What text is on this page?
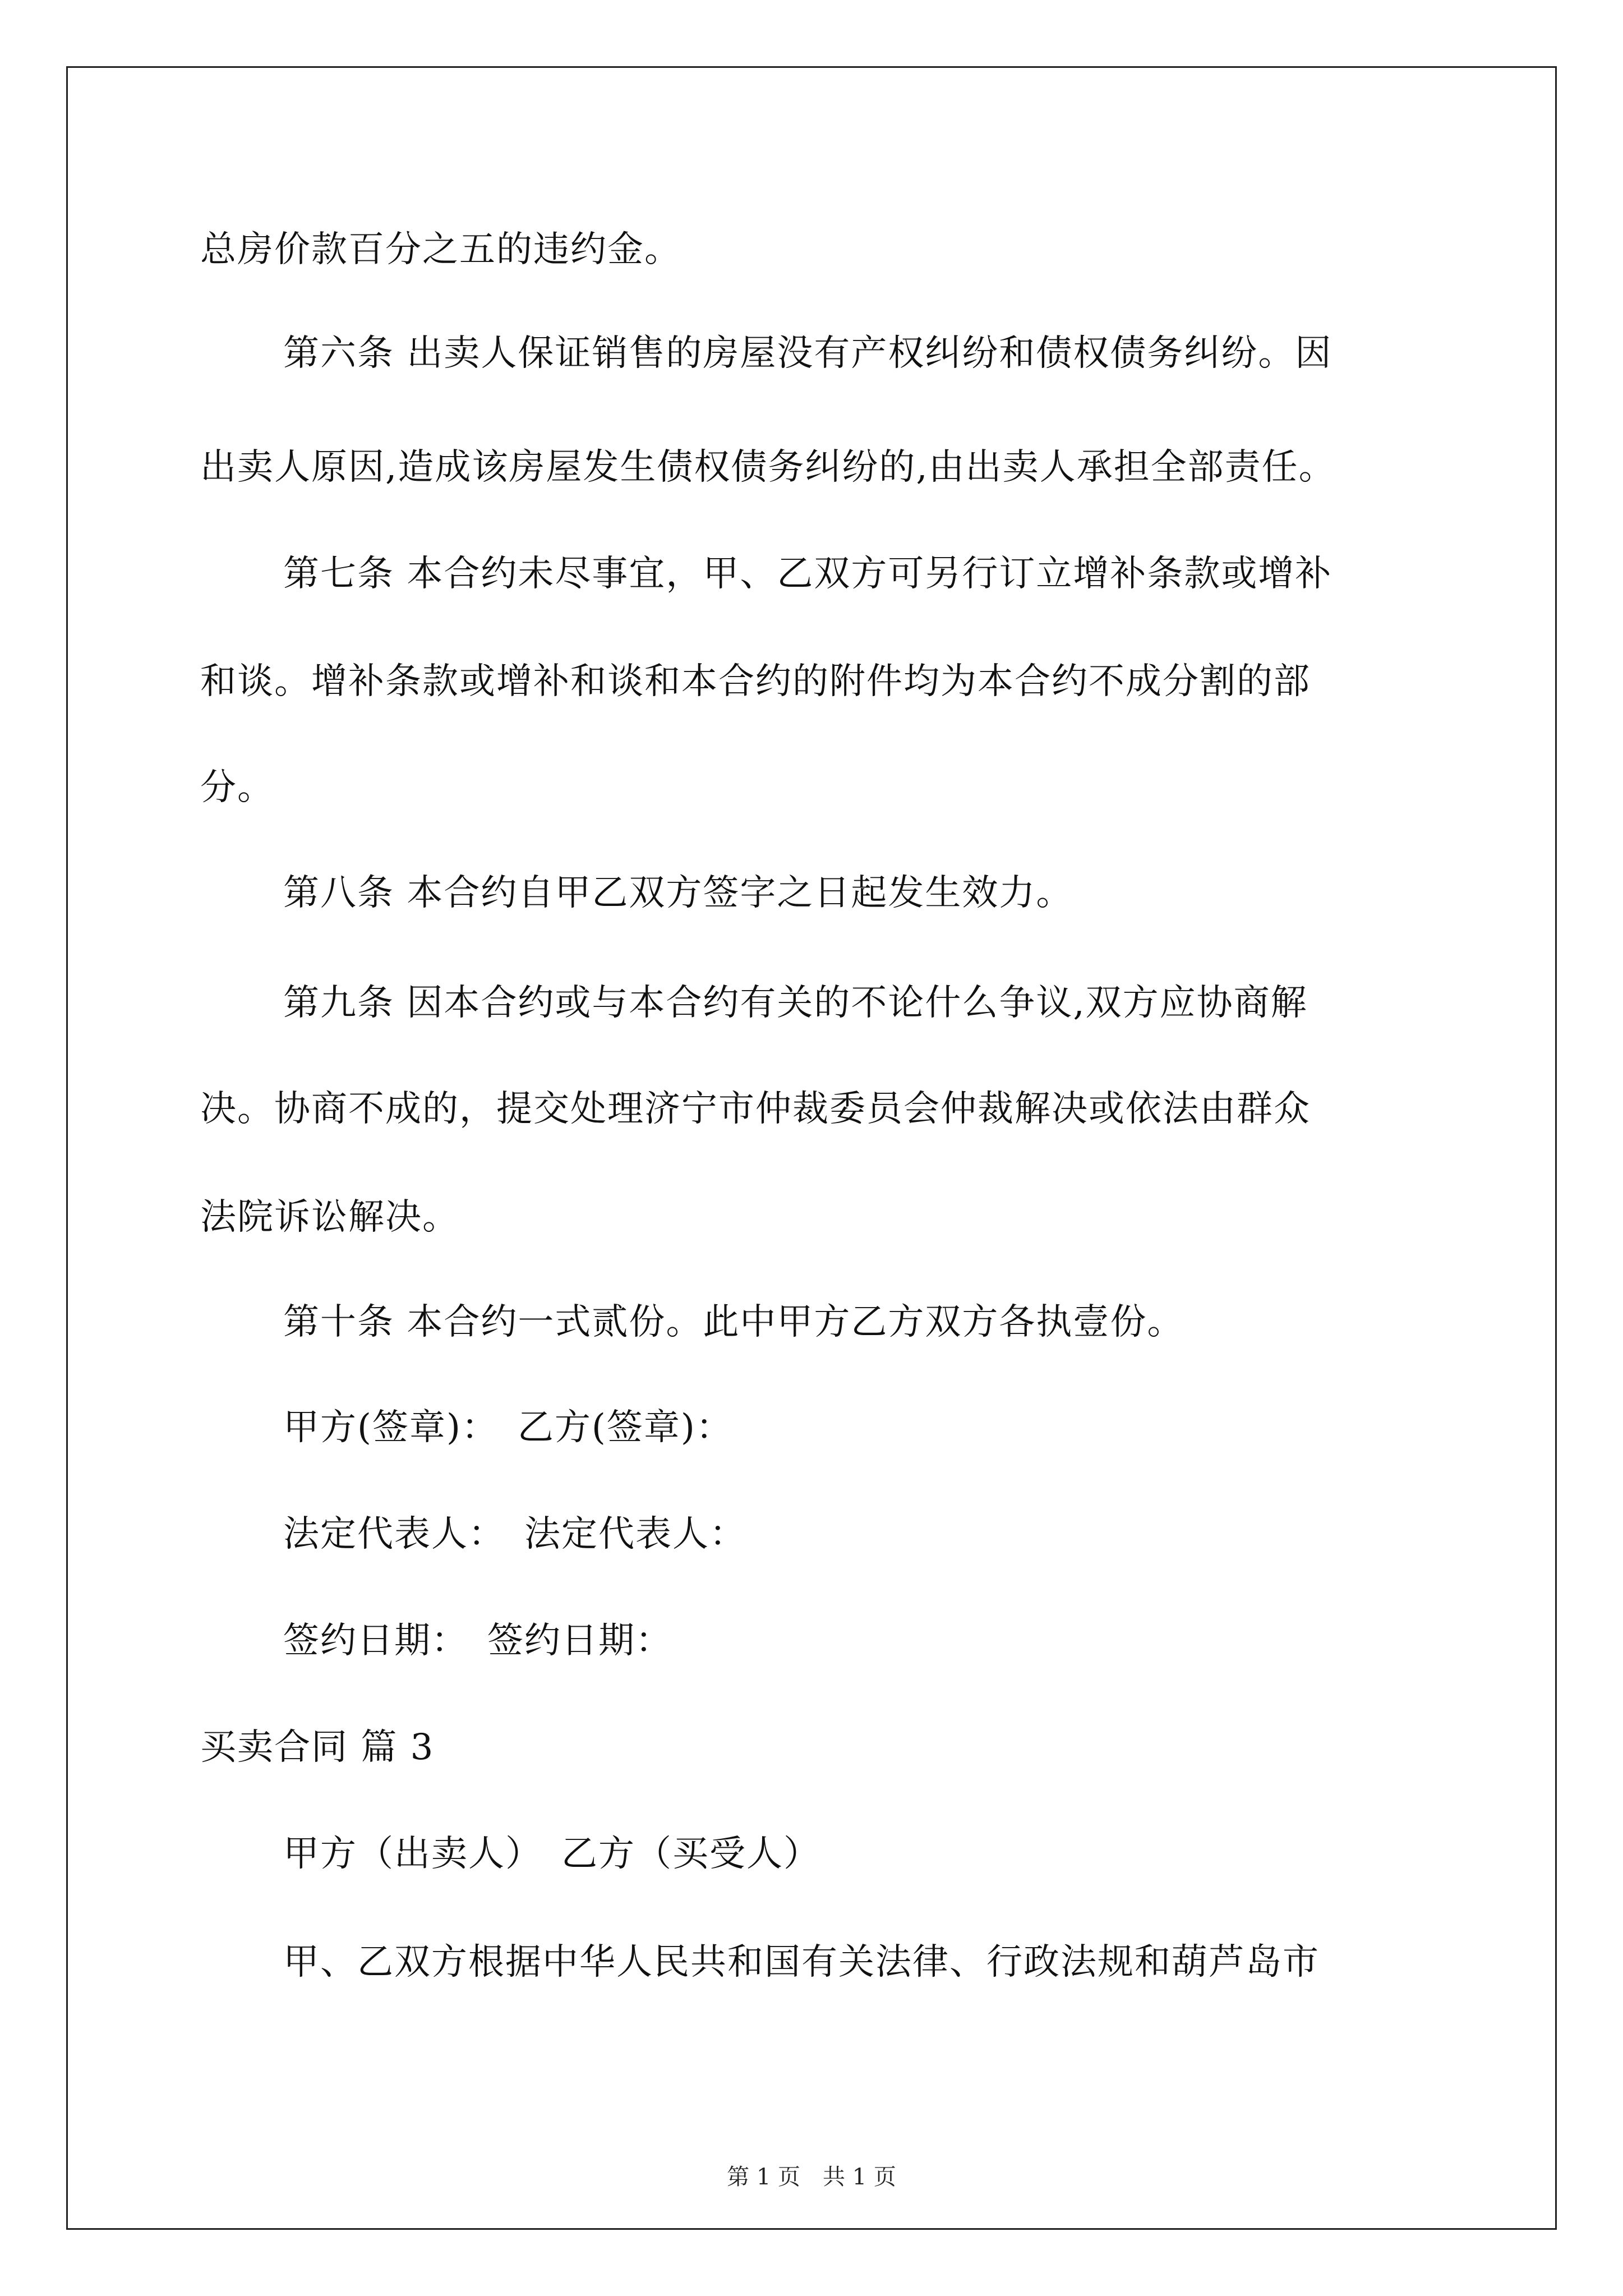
总房价款百分之五的违约金。
第六条 出卖人保证销售的房屋没有产权纠纷和债权债务纠纷。因
出卖人原因,造成该房屋发生债权债务纠纷的,由出卖人承担全部责任。
第七条 本合约未尽事宜，甲、乙双方可另行订立增补条款或增补
和谈。增补条款或增补和谈和本合约的附件均为本合约不成分割的部
分。
第八条 本合约自甲乙双方签字之日起发生效力。
第九条 因本合约或与本合约有关的不论什么争议,双方应协商解
决。协商不成的，提交处理济宁市仲裁委员会仲裁解决或依法由群众
法院诉讼解决。
第十条 本合约一式贰份。此中甲方乙方双方各执壹份。
甲方(签章)：　乙方(签章)：
法定代表人：　法定代表人：
签约日期：　签约日期：
买卖合同 篇 3
甲方（出卖人）　乙方（买受人）
甲、乙双方根据中华人民共和国有关法律、行政法规和葫芦岛市
第 1 页　共 1 页
